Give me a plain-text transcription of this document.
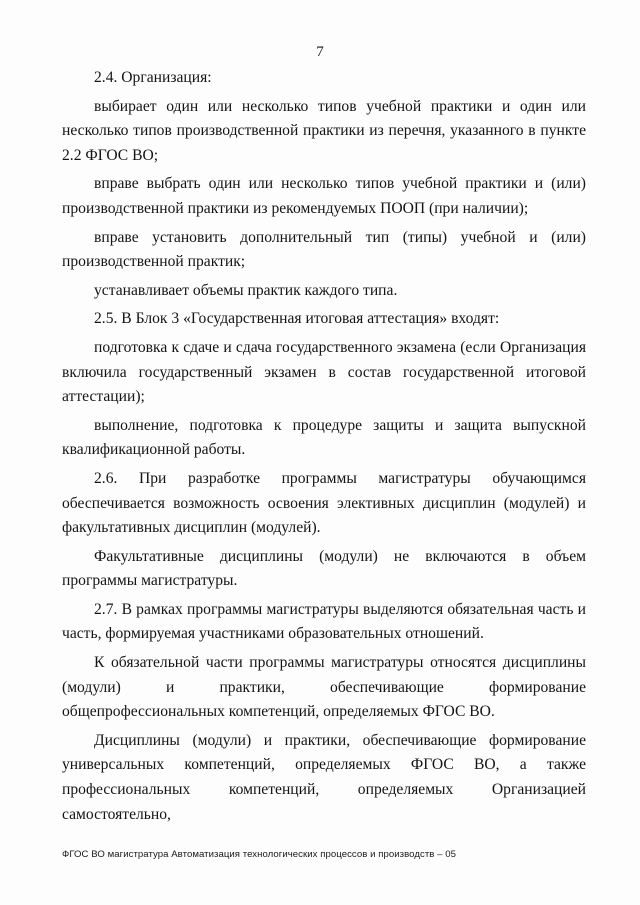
7

2.4. Организация:

выбирает один или несколько типов учебной практики и один или несколько типов производственной практики из перечня, указанного в пункте 2.2 ФГОС ВО;

вправе выбрать один или несколько типов учебной практики и (или) производственной практики из рекомендуемых ПООП (при наличии);

вправе установить дополнительный тип (типы) учебной и (или) производственной практик;

устанавливает объемы практик каждого типа.

2.5. В Блок 3 «Государственная итоговая аттестация» входят:

подготовка к сдаче и сдача государственного экзамена (если Организация включила государственный экзамен в состав государственной итоговой аттестации);

выполнение, подготовка к процедуре защиты и защита выпускной квалификационной работы.

2.6. При разработке программы магистратуры обучающимся обеспечивается возможность освоения элективных дисциплин (модулей) и факультативных дисциплин (модулей).

Факультативные дисциплины (модули) не включаются в объем программы магистратуры.

2.7. В рамках программы магистратуры выделяются обязательная часть и часть, формируемая участниками образовательных отношений.

К обязательной части программы магистратуры относятся дисциплины (модули) и практики, обеспечивающие формирование общепрофессиональных компетенций, определяемых ФГОС ВО.

Дисциплины (модули) и практики, обеспечивающие формирование универсальных компетенций, определяемых ФГОС ВО, а также профессиональных компетенций, определяемых Организацией самостоятельно,

ФГОС ВО магистратура Автоматизация технологических процессов и производств – 05
